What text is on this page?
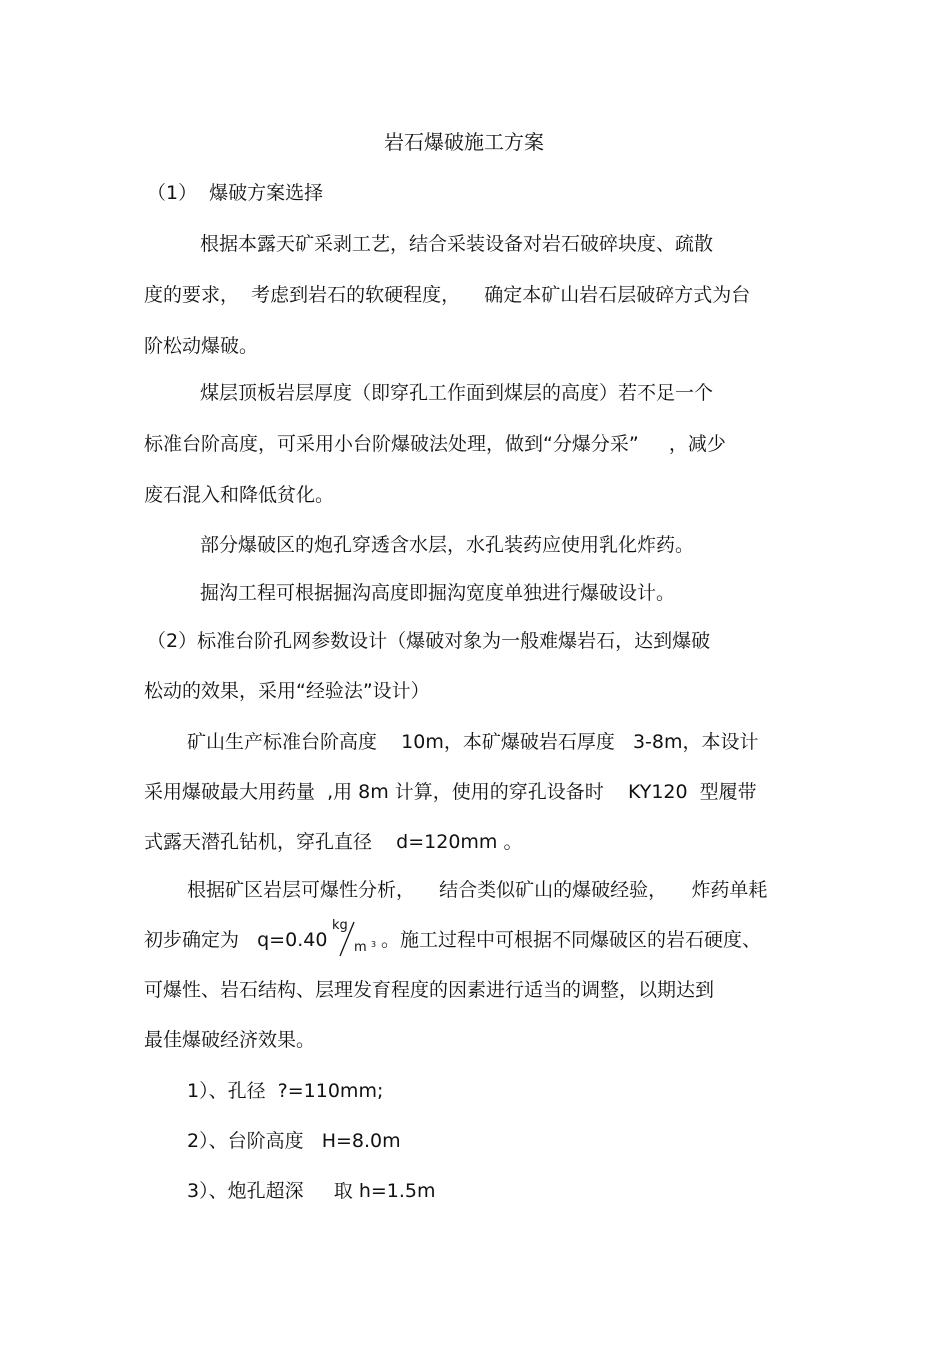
岩石爆破施工方案
（1）  爆破方案选择
根据本露天矿采剥工艺，结合采装设备对岩石破碎块度、疏散
度的要求，  考虑到岩石的软硬程度，    确定本矿山岩石层破碎方式为台
阶松动爆破。
煤层顶板岩层厚度（即穿孔工作面到煤层的高度）若不足一个
标准台阶高度，可采用小台阶爆破法处理，做到“分爆分采”     ，减少
废石混入和降低贫化。
部分爆破区的炮孔穿透含水层，水孔装药应使用乳化炸药。
掘沟工程可根据掘沟高度即掘沟宽度单独进行爆破设计。
（2）标准台阶孔网参数设计（爆破对象为一般难爆岩石，达到爆破
松动的效果，采用“经验法”设计）
矿山生产标准台阶高度    10m，本矿爆破岩石厚度   3-8m，本设计
采用爆破最大用药量  ,用 8m 计算，使用的穿孔设备时    KY120  型履带
式露天潜孔钻机，穿孔直径    d=120mm 。
根据矿区岩层可爆性分析，    结合类似矿山的爆破经验，    炸药单耗
初步确定为   q=0.40
kg
m 3 。施工过程中可根据不同爆破区的岩石硬度、
可爆性、岩石结构、层理发育程度的因素进行适当的调整，以期达到
最佳爆破经济效果。
1）、孔径  ?=110mm;
2）、台阶高度   H=8.0m
3）、炮孔超深     取 h=1.5m
